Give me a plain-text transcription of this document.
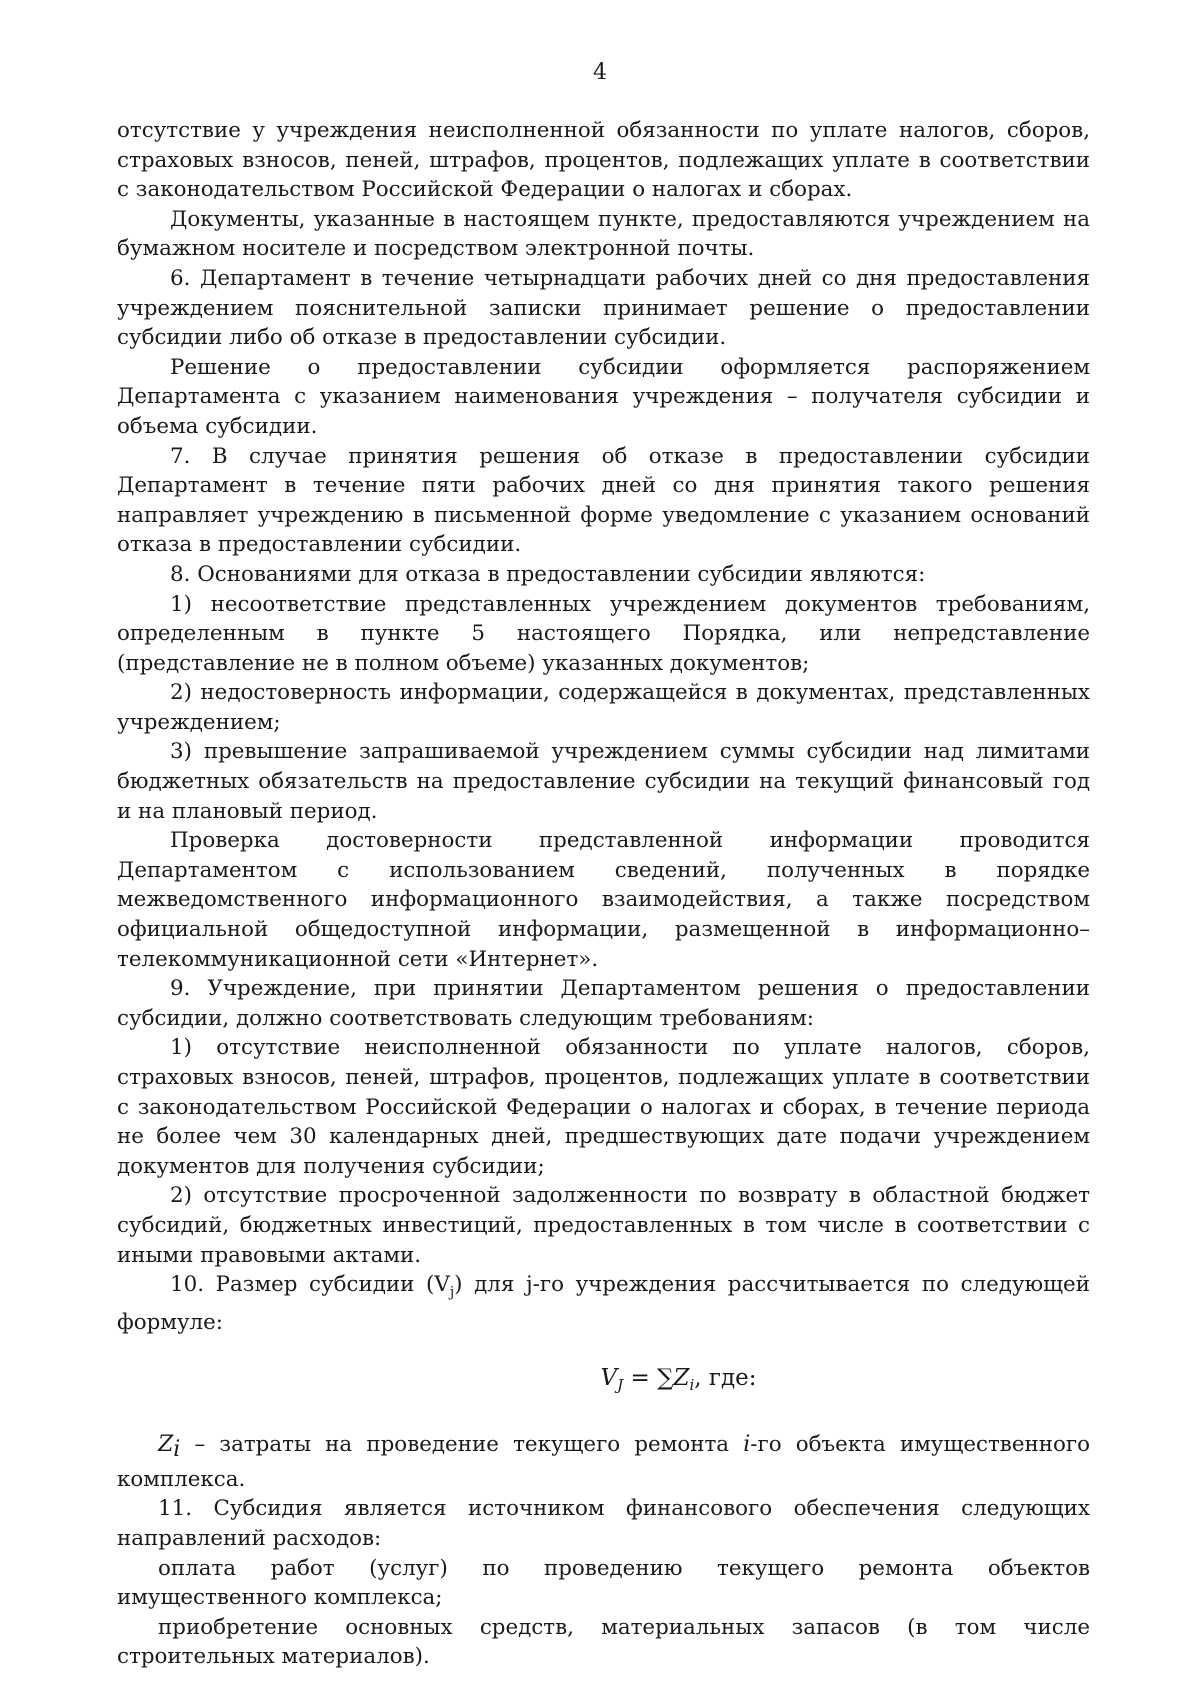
4

отсутствие у учреждения неисполненной обязанности по уплате налогов, сборов, страховых взносов, пеней, штрафов, процентов, подлежащих уплате в соответствии с законодательством Российской Федерации о налогах и сборах.

Документы, указанные в настоящем пункте, предоставляются учреждением на бумажном носителе и посредством электронной почты.

6. Департамент в течение четырнадцати рабочих дней со дня предоставления учреждением пояснительной записки принимает решение о предоставлении субсидии либо об отказе в предоставлении субсидии.

Решение о предоставлении субсидии оформляется распоряжением Департамента с указанием наименования учреждения – получателя субсидии и объема субсидии.

7. В случае принятия решения об отказе в предоставлении субсидии Департамент в течение пяти рабочих дней со дня принятия такого решения направляет учреждению в письменной форме уведомление с указанием оснований отказа в предоставлении субсидии.

8. Основаниями для отказа в предоставлении субсидии являются:

1) несоответствие представленных учреждением документов требованиям, определенным в пункте 5 настоящего Порядка, или непредставление (представление не в полном объеме) указанных документов;

2) недостоверность информации, содержащейся в документах, представленных учреждением;

3) превышение запрашиваемой учреждением суммы субсидии над лимитами бюджетных обязательств на предоставление субсидии на текущий финансовый год и на плановый период.

Проверка достоверности представленной информации проводится Департаментом с использованием сведений, полученных в порядке межведомственного информационного взаимодействия, а также посредством официальной общедоступной информации, размещенной в информационно–телекоммуникационной сети «Интернет».

9. Учреждение, при принятии Департаментом решения о предоставлении субсидии, должно соответствовать следующим требованиям:

1) отсутствие неисполненной обязанности по уплате налогов, сборов, страховых взносов, пеней, штрафов, процентов, подлежащих уплате в соответствии с законодательством Российской Федерации о налогах и сборах, в течение периода не более чем 30 календарных дней, предшествующих дате подачи учреждением документов для получения субсидии;

2) отсутствие просроченной задолженности по возврату в областной бюджет субсидий, бюджетных инвестиций, предоставленных в том числе в соответствии с иными правовыми актами.

10. Размер субсидии $(V_j)$ для j-го учреждения рассчитывается по следующей формуле:

$V_J = \sum Z_i$, где:

$Z_i$ – затраты на проведение текущего ремонта i-го объекта имущественного комплекса.

11. Субсидия является источником финансового обеспечения следующих направлений расходов:

оплата работ (услуг) по проведению текущего ремонта объектов имущественного комплекса;

приобретение основных средств, материальных запасов (в том числе строительных материалов).
